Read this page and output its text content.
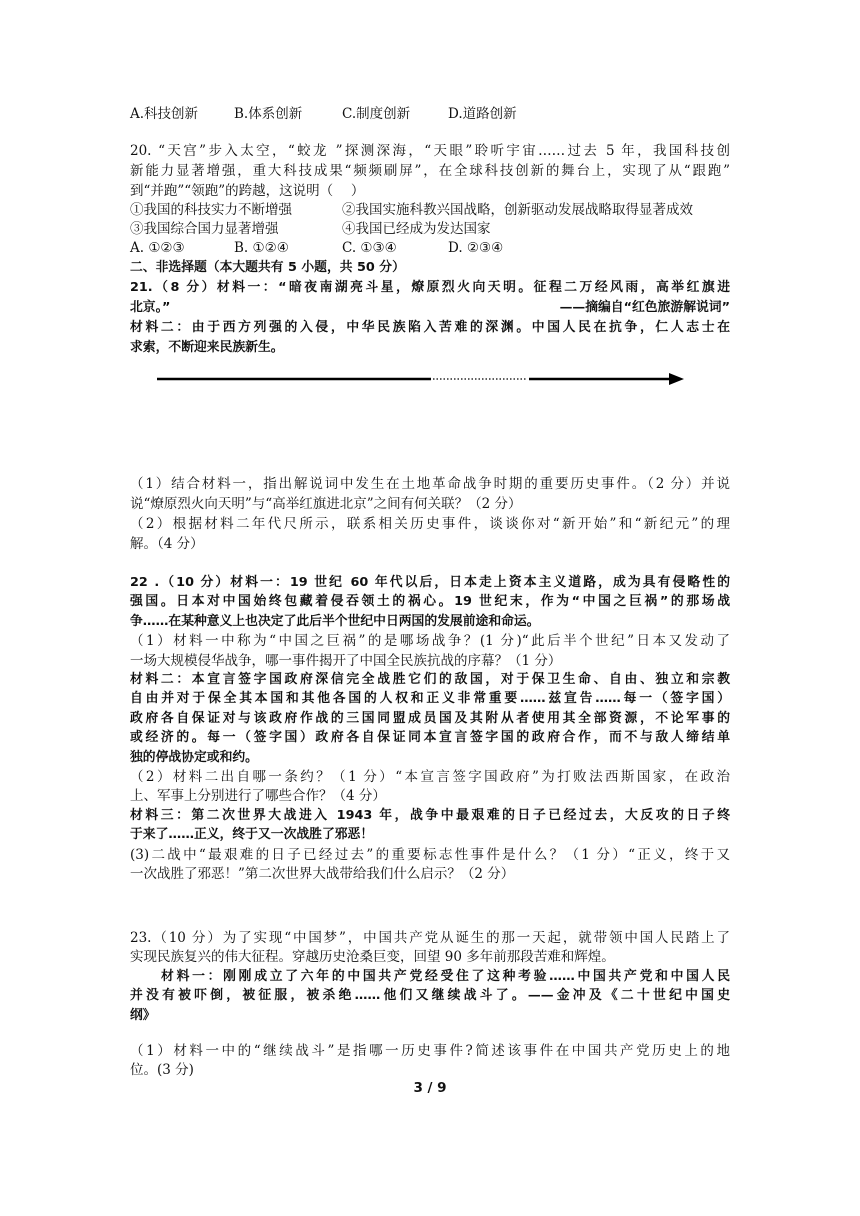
A.科技创新	B.体系创新	C.制度创新	D.道路创新
20. “天宫”步入太空，“蛟龙 ”探测深海，“天眼”聆听宇宙……过去 5 年，我国科技创
新能力显著增强，重大科技成果“频频刷屏”，在全球科技创新的舞台上，实现了从“跟跑”
到“并跑”“领跑”的跨越，这说明（　 ）
①我国的科技实力不断增强	②我国实施科教兴国战略，创新驱动发展战略取得显著成效
③我国综合国力显著增强	④我国已经成为发达国家
A. ①②③	B. ①②④	C. ①③④	D. ②③④
二、非选择题（本大题共有 5 小题，共 50 分）
21.（8 分）材料一：“暗夜南湖亮斗星，燎原烈火向天明。征程二万经风雨，高举红旗进
北京。”	——摘编自“红色旅游解说词”
材料二：由于西方列强的入侵，中华民族陷入苦难的深渊。中国人民在抗争，仁人志士在
求索，不断迎来民族新生。
（1）结合材料一，指出解说词中发生在土地革命战争时期的重要历史事件。（2 分）并说
说“燎原烈火向天明”与“高举红旗进北京”之间有何关联？（2 分）
（2）根据材料二年代尺所示，联系相关历史事件，谈谈你对“新开始”和“新纪元”的理
解。（4 分）
22 .（10 分）材料一：19 世纪 60 年代以后，日本走上资本主义道路，成为具有侵略性的
强国。日本对中国始终包藏着侵吞领土的祸心。19 世纪末，作为“中国之巨祸”的那场战
争……在某种意义上也决定了此后半个世纪中日两国的发展前途和命运。
（1）材料一中称为“中国之巨祸”的是哪场战争？(1 分)“此后半个世纪”日本又发动了
一场大规模侵华战争，哪一事件揭开了中国全民族抗战的序幕？（1 分）
材料二：本宣言签字国政府深信完全战胜它们的敌国，对于保卫生命、自由、独立和宗教
自由并对于保全其本国和其他各国的人权和正义非常重要……兹宣告……每一（签字国）
政府各自保证对与该政府作战的三国同盟成员国及其附从者使用其全部资源，不论军事的
或经济的。每一（签字国）政府各自保证同本宣言签字国的政府合作，而不与敌人缔结单
独的停战协定或和约。
（2）材料二出自哪一条约？（1 分）“本宣言签字国政府”为打败法西斯国家，在政治
上、军事上分别进行了哪些合作？（4 分）
材料三：第二次世界大战进入 1943 年，战争中最艰难的日子已经过去，大反攻的日子终
于来了……正义，终于又一次战胜了邪恶！
(3)二战中“最艰难的日子已经过去”的重要标志性事件是什么？（1 分）“正义，终于又
一次战胜了邪恶！”第二次世界大战带给我们什么启示？（2 分）
23.（10 分）为了实现“中国梦”，中国共产党从诞生的那一天起，就带领中国人民踏上了
实现民族复兴的伟大征程。穿越历史沧桑巨变，回望 90 多年前那段苦难和辉煌。
　　材料一：刚刚成立了六年的中国共产党经受住了这种考验……中国共产党和中国人民
并没有被吓倒，被征服，被杀绝……他们又继续战斗了。——金冲及《二十世纪中国史
纲》
（1）材料一中的“继续战斗”是指哪一历史事件?简述该事件在中国共产党历史上的地
位。(3 分)
3 / 9
